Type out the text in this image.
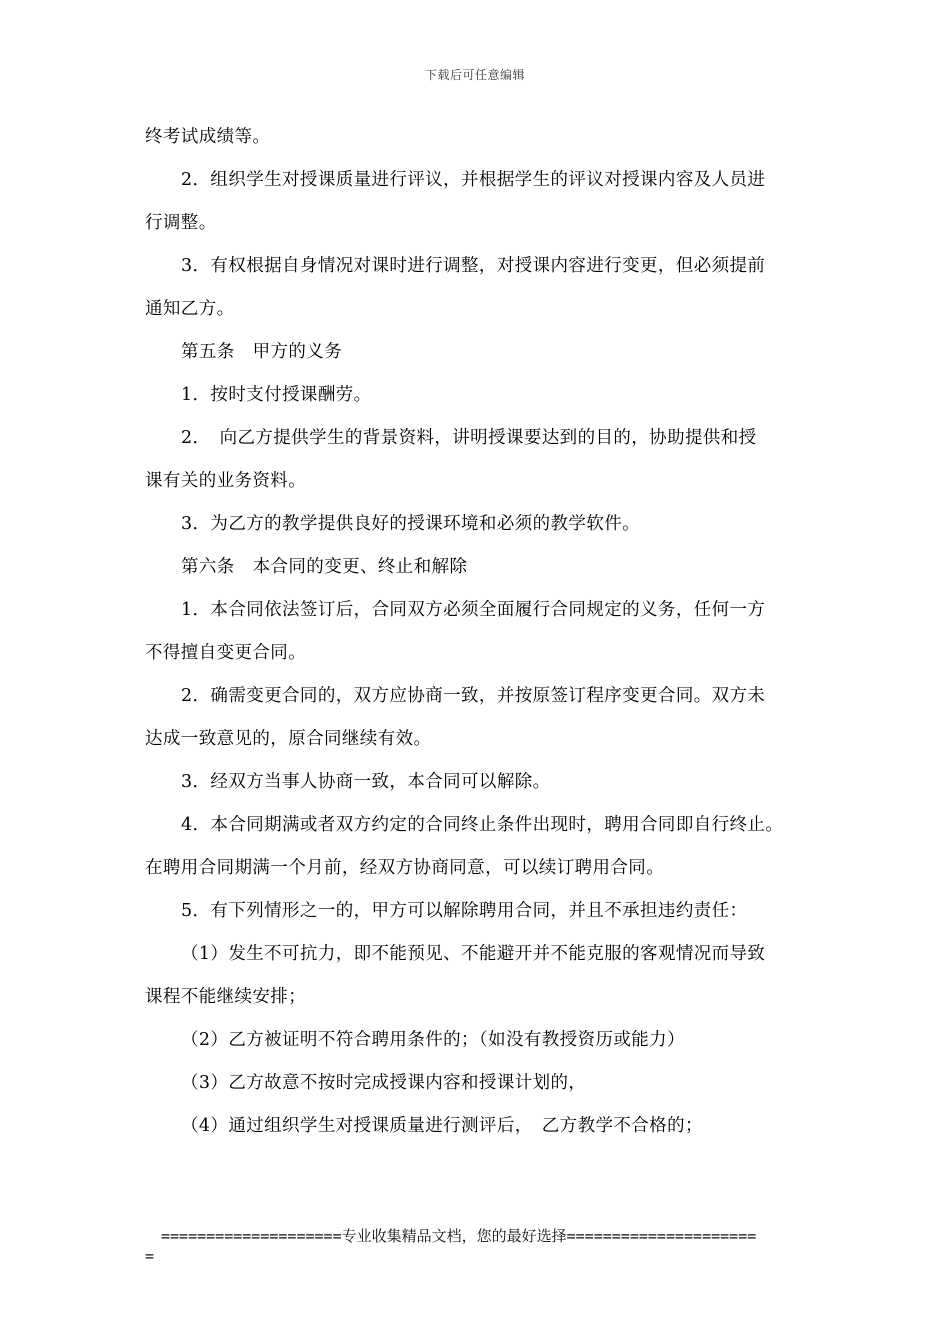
下载后可任意编辑
终考试成绩等。
2．组织学生对授课质量进行评议，并根据学生的评议对授课内容及人员进
行调整。
3．有权根据自身情况对课时进行调整，对授课内容进行变更，但必须提前
通知乙方。
第五条　甲方的义务
1．按时支付授课酬劳。
2．　向乙方提供学生的背景资料，讲明授课要达到的目的，协助提供和授
课有关的业务资料。
3．为乙方的教学提供良好的授课环境和必须的教学软件。
第六条　本合同的变更、终止和解除
1．本合同依法签订后，合同双方必须全面履行合同规定的义务，任何一方
不得擅自变更合同。
2．确需变更合同的，双方应协商一致，并按原签订程序变更合同。双方未
达成一致意见的，原合同继续有效。
3．经双方当事人协商一致，本合同可以解除。
4．本合同期满或者双方约定的合同终止条件出现时，聘用合同即自行终止。
在聘用合同期满一个月前，经双方协商同意，可以续订聘用合同。
5．有下列情形之一的，甲方可以解除聘用合同，并且不承担违约责任：
（1）发生不可抗力，即不能预见、不能避开并不能克服的客观情况而导致
课程不能继续安排；
（2）乙方被证明不符合聘用条件的；（如没有教授资历或能力）
（3）乙方故意不按时完成授课内容和授课计划的，
（4）通过组织学生对授课质量进行测评后，　乙方教学不合格的；
====================专业收集精品文档，您的最好选择=====================
=
